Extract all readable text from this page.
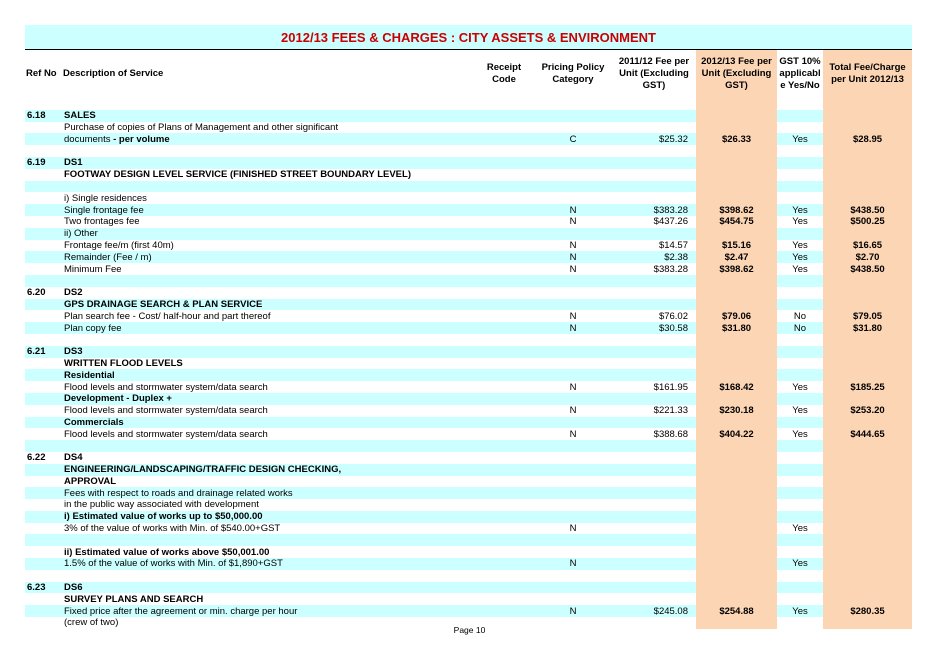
2012/13 FEES & CHARGES : CITY ASSETS & ENVIRONMENT
Ref No	Description of Service	Receipt Code	Pricing Policy Category	2011/12 Fee per Unit (Excluding GST)	2012/13 Fee per Unit (Excluding GST)	GST 10% applicabl e Yes/No	Total Fee/Charge per Unit 2012/13

6.18	SALES						
	Purchase of copies of Plans of Management and other significant						
	documents - per volume		C	$25.32	$26.33	Yes	$28.95

6.19	DS1						
	FOOTWAY DESIGN LEVEL SERVICE (FINISHED STREET BOUNDARY LEVEL)						

	i) Single residences						
	Single frontage fee		N	$383.28	$398.62	Yes	$438.50
	Two frontages fee		N	$437.26	$454.75	Yes	$500.25
	ii) Other						
	Frontage fee/m (first 40m)		N	$14.57	$15.16	Yes	$16.65
	Remainder (Fee / m)		N	$2.38	$2.47	Yes	$2.70
	Minimum Fee		N	$383.28	$398.62	Yes	$438.50

6.20	DS2						
	GPS DRAINAGE SEARCH & PLAN SERVICE						
	Plan search fee - Cost/ half-hour and part thereof		N	$76.02	$79.06	No	$79.05
	Plan copy fee		N	$30.58	$31.80	No	$31.80

6.21	DS3						
	WRITTEN FLOOD LEVELS						
	Residential						
	Flood levels and stormwater system/data search		N	$161.95	$168.42	Yes	$185.25
	Development - Duplex +						
	Flood levels and stormwater system/data search		N	$221.33	$230.18	Yes	$253.20
	Commercials						
	Flood levels and stormwater system/data search		N	$388.68	$404.22	Yes	$444.65

6.22	DS4						
	ENGINEERING/LANDSCAPING/TRAFFIC DESIGN CHECKING,						
	APPROVAL						
	Fees with respect to roads and drainage related works						
	in the public way associated with development						
	i) Estimated value of works up to $50,000.00						
	3% of the value of works with Min. of $540.00+GST		N			Yes	

	ii) Estimated value of works above $50,001.00						
	1.5% of the value of works with Min. of $1,890+GST		N			Yes	

6.23	DS6						
	SURVEY PLANS AND SEARCH						
	Fixed price after the agreement or min. charge per hour		N	$245.08	$254.88	Yes	$280.35
	(crew of two)						
Page 10
